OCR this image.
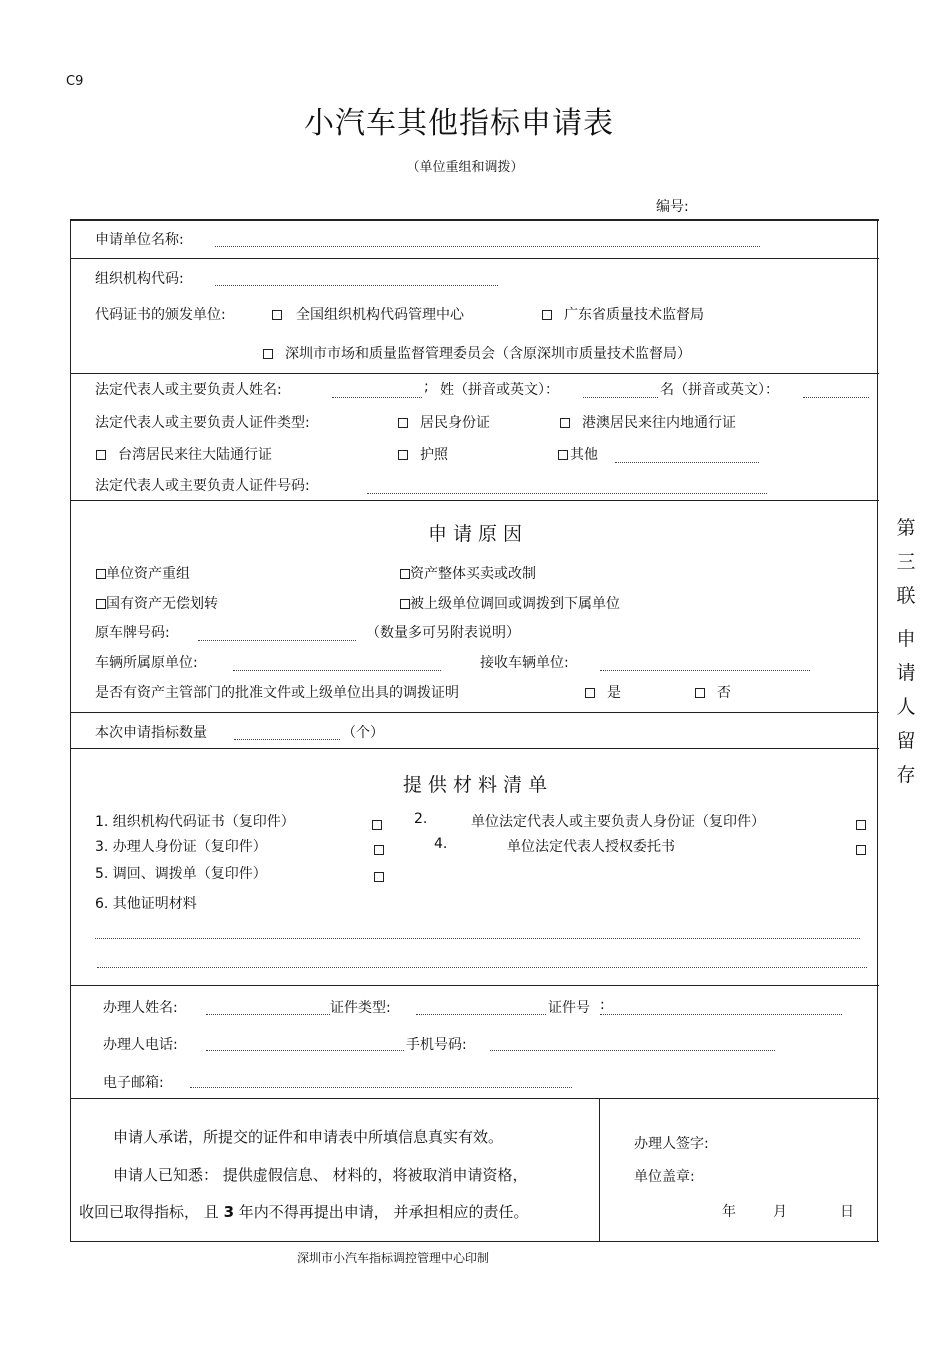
C9
小汽车其他指标申请表
（单位重组和调拨）
编号:
申请单位名称:
组织机构代码:
代码证书的颁发单位:	全国组织机构代码管理中心	广东省质量技术监督局
深圳市市场和质量监督管理委员会（含原深圳市质量技术监督局）
法定代表人或主要负责人姓名:	; 姓（拼音或英文）：	名（拼音或英文）：
法定代表人或主要负责人证件类型:	居民身份证	港澳居民来往内地通行证
台湾居民来往大陆通行证	护照	其他
法定代表人或主要负责人证件号码:
申 请 原 因
单位资产重组	资产整体买卖或改制
国有资产无偿划转	被上级单位调回或调拨到下属单位
原车牌号码:	（数量多可另附表说明）
车辆所属原单位:	接收车辆单位:
是否有资产主管部门的批准文件或上级单位出具的调拨证明	是	否
本次申请指标数量	（个）
提 供 材 料 清 单
1. 组织机构代码证书（复印件）	2.	单位法定代表人或主要负责人身份证（复印件）
3. 办理人身份证（复印件）	4.	单位法定代表人授权委托书
5. 调回、调拨单（复印件）
6. 其他证明材料
办理人姓名:	证件类型:	证件号 :
办理人电话:	手机号码:
电子邮箱:
申请人承诺，所提交的证件和申请表中所填信息真实有效。
申请人已知悉： 提供虚假信息、 材料的，将被取消申请资格，
收回已取得指标， 且 3 年内不得再提出申请， 并承担相应的责任。
办理人签字:
单位盖章:
年	月	日
第
三
联
申
请
人
留
存
深圳市小汽车指标调控管理中心印制
